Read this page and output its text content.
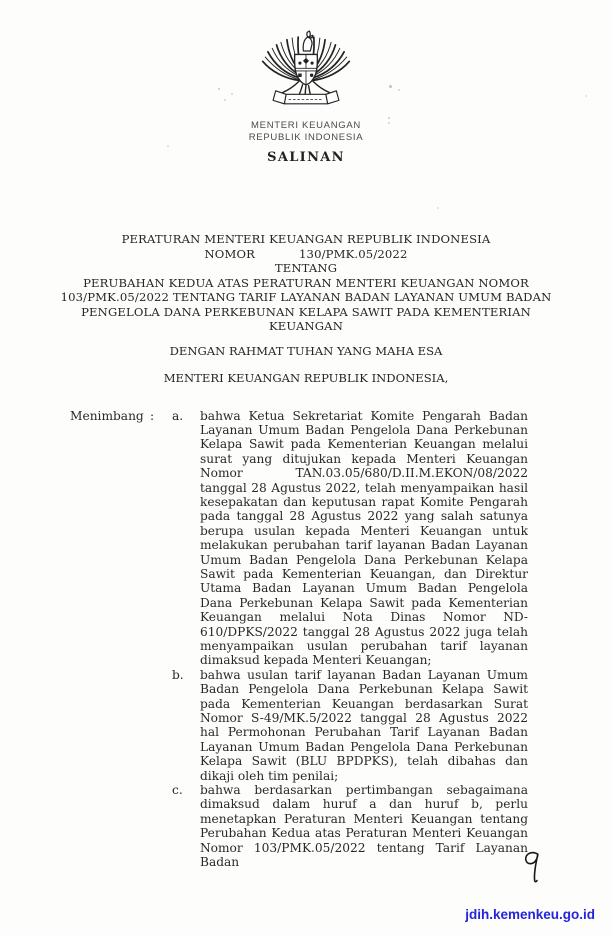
MENTERI KEUANGAN
REPUBLIK INDONESIA
SALINAN
PERATURAN MENTERI KEUANGAN REPUBLIK INDONESIA
NOMOR	130/PMK.05/2022
TENTANG
PERUBAHAN KEDUA ATAS PERATURAN MENTERI KEUANGAN NOMOR 103/PMK.05/2022 TENTANG TARIF LAYANAN BADAN LAYANAN UMUM BADAN PENGELOLA DANA PERKEBUNAN KELAPA SAWIT PADA KEMENTERIAN KEUANGAN
DENGAN RAHMAT TUHAN YANG MAHA ESA
MENTERI KEUANGAN REPUBLIK INDONESIA,
Menimbang :	a.	bahwa Ketua Sekretariat Komite Pengarah Badan Layanan Umum Badan Pengelola Dana Perkebunan Kelapa Sawit pada Kementerian Keuangan melalui surat yang ditujukan kepada Menteri Keuangan Nomor TAN.03.05/680/D.II.M.EKON/08/2022 tanggal 28 Agustus 2022, telah menyampaikan hasil kesepakatan dan keputusan rapat Komite Pengarah pada tanggal 28 Agustus 2022 yang salah satunya berupa usulan kepada Menteri Keuangan untuk melakukan perubahan tarif layanan Badan Layanan Umum Badan Pengelola Dana Perkebunan Kelapa Sawit pada Kementerian Keuangan, dan Direktur Utama Badan Layanan Umum Badan Pengelola Dana Perkebunan Kelapa Sawit pada Kementerian Keuangan melalui Nota Dinas Nomor ND-610/DPKS/2022 tanggal 28 Agustus 2022 juga telah menyampaikan usulan perubahan tarif layanan dimaksud kepada Menteri Keuangan;
b.	bahwa usulan tarif layanan Badan Layanan Umum Badan Pengelola Dana Perkebunan Kelapa Sawit pada Kementerian Keuangan berdasarkan Surat Nomor S-49/MK.5/2022 tanggal 28 Agustus 2022 hal Permohonan Perubahan Tarif Layanan Badan Layanan Umum Badan Pengelola Dana Perkebunan Kelapa Sawit (BLU BPDPKS), telah dibahas dan dikaji oleh tim penilai;
c.	bahwa berdasarkan pertimbangan sebagaimana dimaksud dalam huruf a dan huruf b, perlu menetapkan Peraturan Menteri Keuangan tentang Perubahan Kedua atas Peraturan Menteri Keuangan Nomor 103/PMK.05/2022 tentang Tarif Layanan Badan
jdih.kemenkeu.go.id
